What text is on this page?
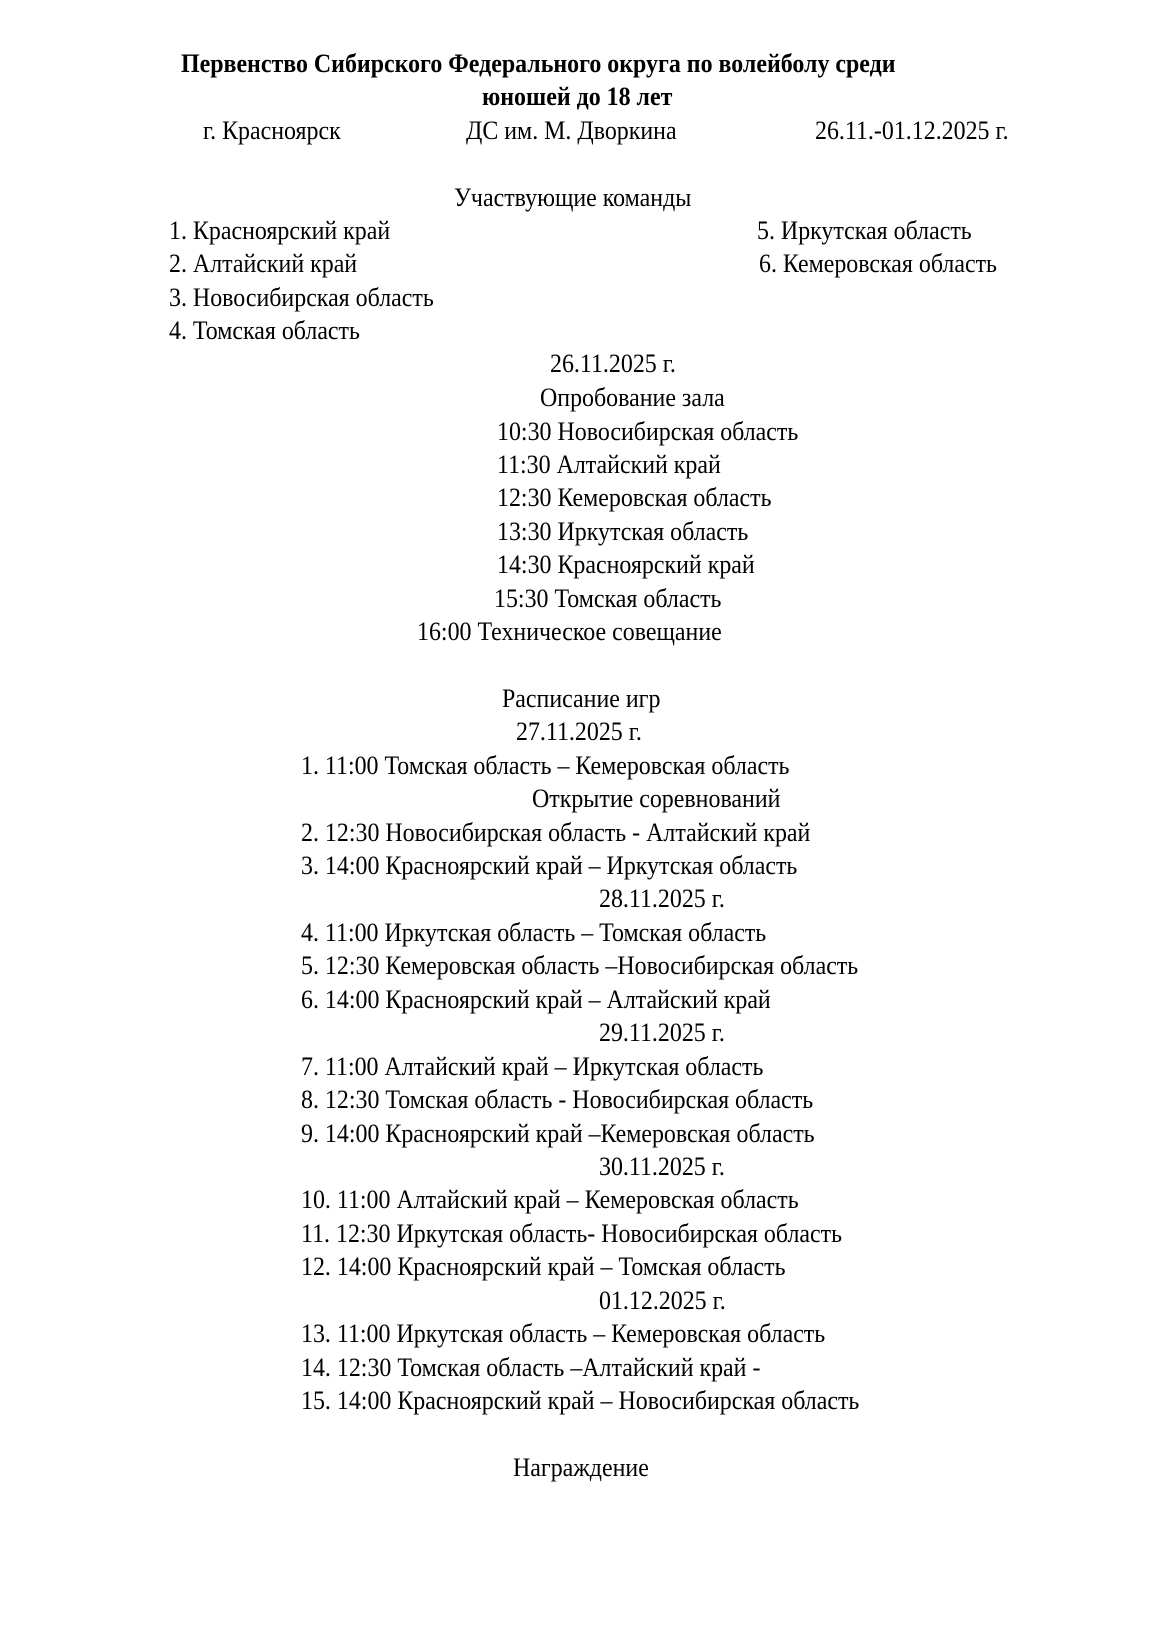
Первенство Сибирского Федерального округа по волейболу среди
юношей до 18 лет
г. Красноярск	ДС им. М. Дворкина	26.11.-01.12.2025 г.
Участвующие команды
1. Красноярский край
2. Алтайский край
3. Новосибирская область
4. Томская область
5. Иркутская область
6. Кемеровская область
26.11.2025 г.
Опробование зала
10:30 Новосибирская область
11:30 Алтайский край
12:30 Кемеровская область
13:30 Иркутская область
14:30 Красноярский край
15:30 Томская область
16:00 Техническое совещание
Расписание игр
27.11.2025 г.
1. 11:00 Томская область – Кемеровская область
Открытие соревнований
2. 12:30 Новосибирская область - Алтайский край
3. 14:00 Красноярский край – Иркутская область
28.11.2025 г.
4. 11:00 Иркутская область – Томская область
5. 12:30 Кемеровская область –Новосибирская область
6. 14:00 Красноярский край – Алтайский край
29.11.2025 г.
7. 11:00 Алтайский край – Иркутская область
8. 12:30 Томская область - Новосибирская область
9. 14:00 Красноярский край –Кемеровская область
30.11.2025 г.
10. 11:00 Алтайский край – Кемеровская область
11. 12:30 Иркутская область- Новосибирская область
12. 14:00 Красноярский край – Томская область
01.12.2025 г.
13. 11:00 Иркутская область – Кемеровская область
14. 12:30 Томская область –Алтайский край -
15. 14:00 Красноярский край – Новосибирская область
Награждение
